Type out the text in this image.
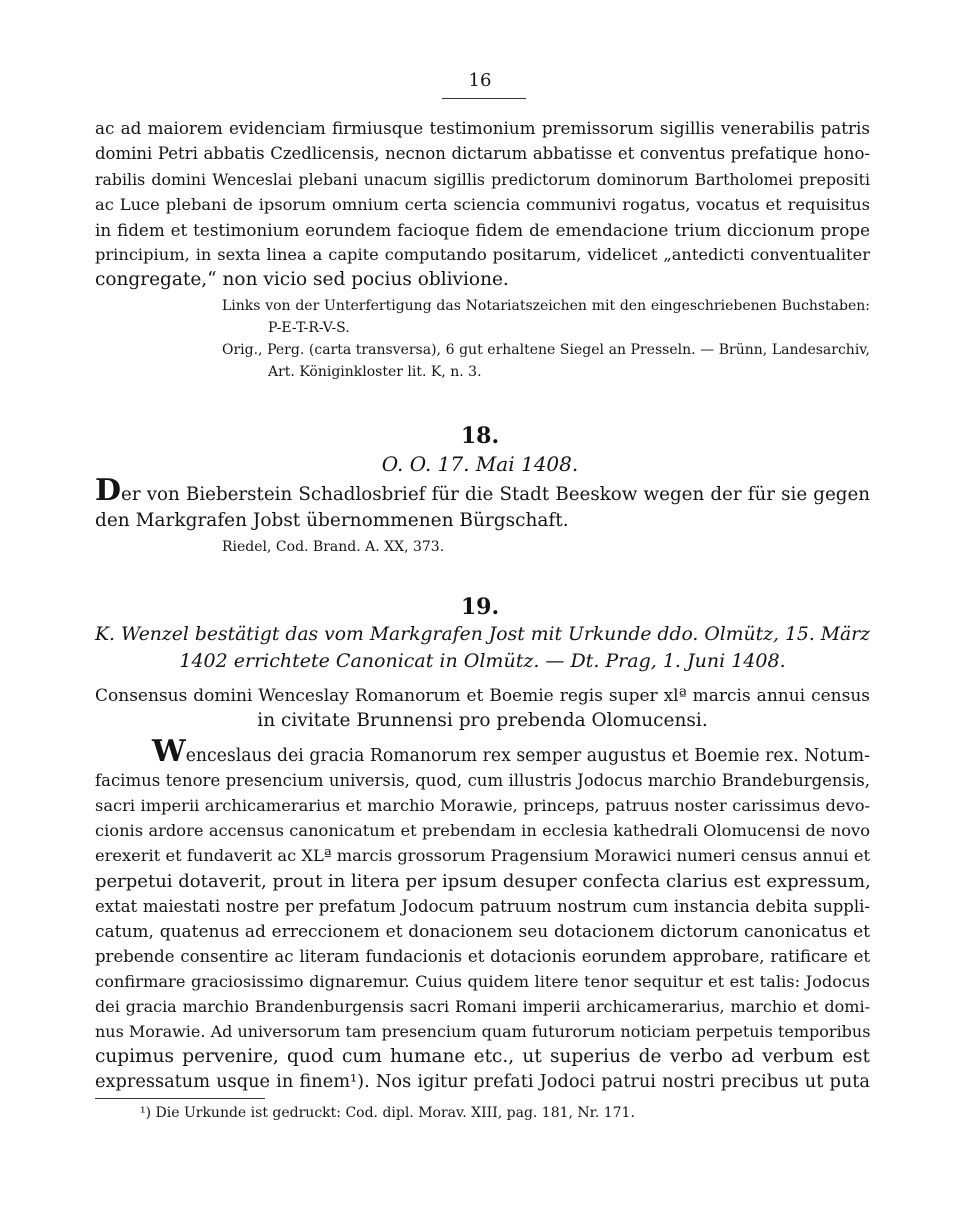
16
ac ad maiorem evidenciam firmiusque testimonium premissorum sigillis venerabilis patris
domini Petri abbatis Czedlicensis, necnon dictarum abbatisse et conventus prefatique hono-
rabilis domini Wenceslai plebani unacum sigillis predictorum dominorum Bartholomei prepositi
ac Luce plebani de ipsorum omnium certa sciencia communivi rogatus, vocatus et requisitus
in fidem et testimonium eorundem facioque fidem de emendacione trium diccionum prope
principium, in sexta linea a capite computando positarum, videlicet „antedicti conventualiter
congregate,“ non vicio sed pocius oblivione.
Links von der Unterfertigung das Notariatszeichen mit den eingeschriebenen Buchstaben:
P-E-T-R-V-S.
Orig., Perg. (carta transversa), 6 gut erhaltene Siegel an Presseln. — Brünn, Landesarchiv,
Art. Königinkloster lit. K, n. 3.
18.
O. O. 17. Mai 1408.
Der von Bieberstein Schadlosbrief für die Stadt Beeskow wegen der für sie gegen
den Markgrafen Jobst übernommenen Bürgschaft.
Riedel, Cod. Brand. A. XX, 373.
19.
K. Wenzel bestätigt das vom Markgrafen Jost mit Urkunde ddo. Olmütz, 15. März
1402 errichtete Canonicat in Olmütz. — Dt. Prag, 1. Juni 1408.
Consensus domini Wenceslay Romanorum et Boemie regis super xlª marcis annui census
in civitate Brunnensi pro prebenda Olomucensi.
Wenceslaus dei gracia Romanorum rex semper augustus et Boemie rex. Notum-
facimus tenore presencium universis, quod, cum illustris Jodocus marchio Brandeburgensis,
sacri imperii archicamerarius et marchio Morawie, princeps, patruus noster carissimus devo-
cionis ardore accensus canonicatum et prebendam in ecclesia kathedrali Olomucensi de novo
erexerit et fundaverit ac XLª marcis grossorum Pragensium Morawici numeri census annui et
perpetui dotaverit, prout in litera per ipsum desuper confecta clarius est expressum,
extat maiestati nostre per prefatum Jodocum patruum nostrum cum instancia debita suppli-
catum, quatenus ad erreccionem et donacionem seu dotacionem dictorum canonicatus et
prebende consentire ac literam fundacionis et dotacionis eorundem approbare, ratificare et
confirmare graciosissimo dignaremur. Cuius quidem litere tenor sequitur et est talis: Jodocus
dei gracia marchio Brandenburgensis sacri Romani imperii archicamerarius, marchio et domi-
nus Morawie. Ad universorum tam presencium quam futurorum noticiam perpetuis temporibus
cupimus pervenire, quod cum humane etc., ut superius de verbo ad verbum est
expressatum usque in finem¹). Nos igitur prefati Jodoci patrui nostri precibus ut puta
¹) Die Urkunde ist gedruckt: Cod. dipl. Morav. XIII, pag. 181, Nr. 171.
